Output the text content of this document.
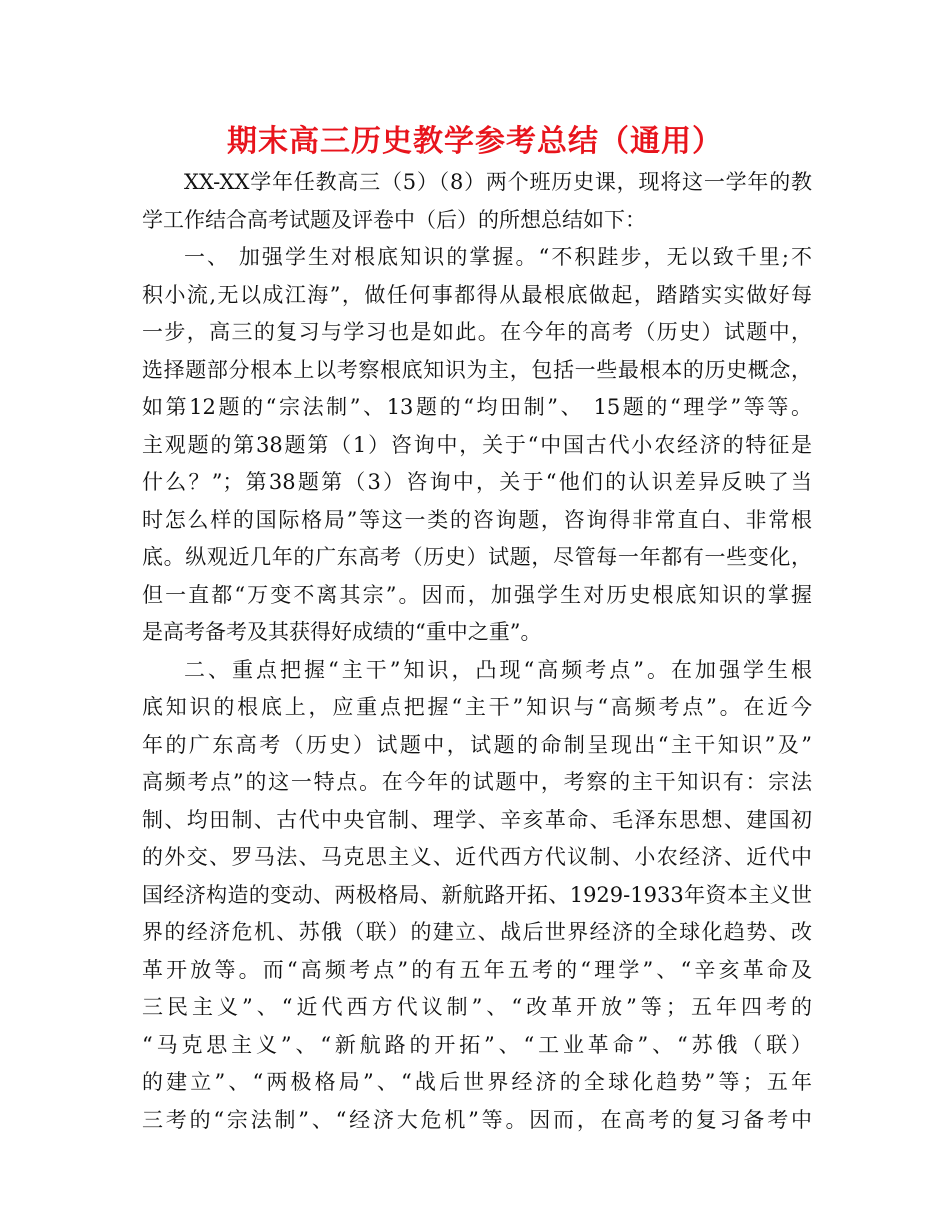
期末高三历史教学参考总结（通用）
XX-XX学年任教高三（5）（8）两个班历史课，现将这一学年的教
学工作结合高考试题及评卷中（后）的所想总结如下：
一、 加强学生对根底知识的掌握。“不积跬步，无以致千里;不
积小流,无以成江海”，做任何事都得从最根底做起，踏踏实实做好每
一步，高三的复习与学习也是如此。在今年的高考（历史）试题中，
选择题部分根本上以考察根底知识为主，包括一些最根本的历史概念，
如第12题的“宗法制”、13题的“均田制”、 15题的“理学”等等。
主观题的第38题第（1）咨询中，关于“中国古代小农经济的特征是
什么？”；第38题第（3）咨询中，关于“他们的认识差异反映了当
时怎么样的国际格局”等这一类的咨询题，咨询得非常直白、非常根
底。纵观近几年的广东高考（历史）试题，尽管每一年都有一些变化，
但一直都“万变不离其宗”。因而，加强学生对历史根底知识的掌握
是高考备考及其获得好成绩的“重中之重”。
二、重点把握“主干”知识，凸现“高频考点”。在加强学生根
底知识的根底上，应重点把握“主干”知识与“高频考点”。在近今
年的广东高考（历史）试题中，试题的命制呈现出“主干知识”及”
高频考点”的这一特点。在今年的试题中，考察的主干知识有：宗法
制、均田制、古代中央官制、理学、辛亥革命、毛泽东思想、建国初
的外交、罗马法、马克思主义、近代西方代议制、小农经济、近代中
国经济构造的变动、两极格局、新航路开拓、1929-1933年资本主义世
界的经济危机、苏俄（联）的建立、战后世界经济的全球化趋势、改
革开放等。而“高频考点”的有五年五考的“理学”、“辛亥革命及
三民主义”、“近代西方代议制”、“改革开放”等；五年四考的
“马克思主义”、“新航路的开拓”、“工业革命”、“苏俄（联）
的建立”、“两极格局”、“战后世界经济的全球化趋势”等；五年
三考的“宗法制”、“经济大危机”等。因而，在高考的复习备考中
